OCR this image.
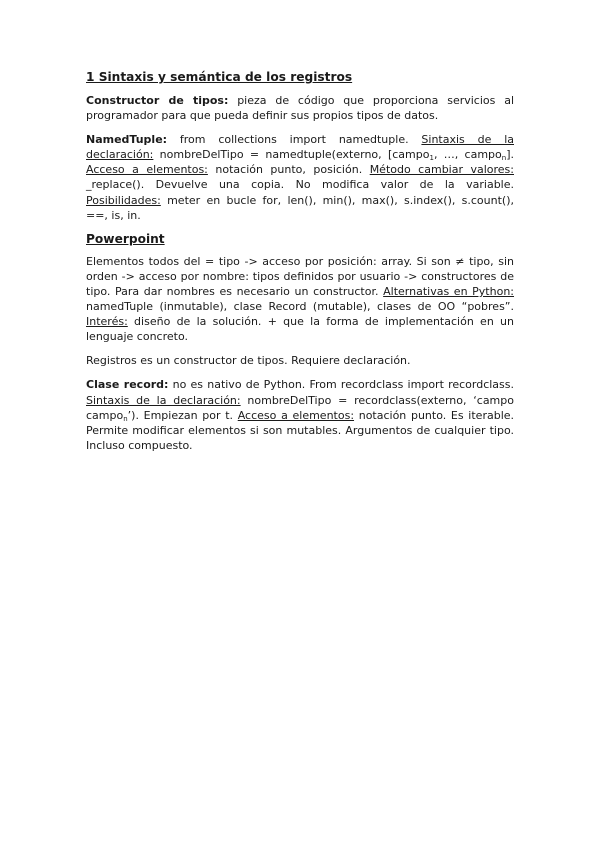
1 Sintaxis y semántica de los registros

Constructor de tipos: pieza de código que proporciona servicios al programador para que pueda definir sus propios tipos de datos.

NamedTuple: from collections import namedtuple. Sintaxis de la declaración: nombreDelTipo = namedtuple(externo, [campo$_1$, …, campo$_n$]. Acceso a elementos: notación punto, posición. Método cambiar valores: _replace(). Devuelve una copia. No modifica valor de la variable. Posibilidades: meter en bucle for, len(), min(), max(), s.index(), s.count(), ==, is, in.

Powerpoint

Elementos todos del = tipo -> acceso por posición: array. Si son ≠ tipo, sin orden -> acceso por nombre: tipos definidos por usuario -> constructores de tipo. Para dar nombres es necesario un constructor. Alternativas en Python: namedTuple (inmutable), clase Record (mutable), clases de OO “pobres”. Interés: diseño de la solución. + que la forma de implementación en un lenguaje concreto.

Registros es un constructor de tipos. Requiere declaración.

Clase record: no es nativo de Python. From recordclass import recordclass. Sintaxis de la declaración: nombreDelTipo = recordclass(externo, ‘campo campo$_n$’). Empiezan por t. Acceso a elementos: notación punto. Es iterable. Permite modificar elementos si son mutables. Argumentos de cualquier tipo. Incluso compuesto.
